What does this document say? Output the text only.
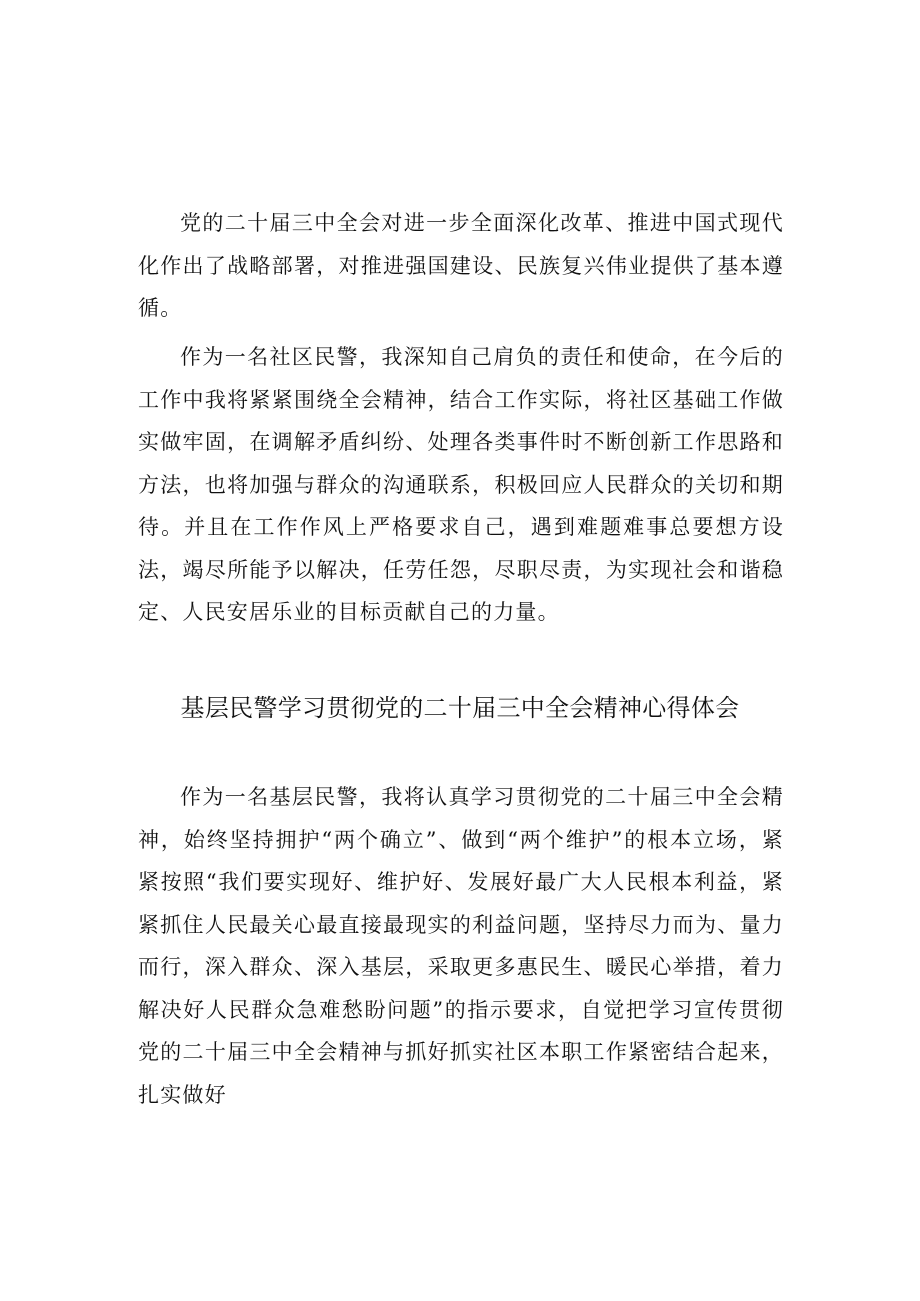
党的二十届三中全会对进一步全面深化改革、推进中国式现代化作出了战略部署，对推进强国建设、民族复兴伟业提供了基本遵循。

作为一名社区民警，我深知自己肩负的责任和使命，在今后的工作中我将紧紧围绕全会精神，结合工作实际，将社区基础工作做实做牢固，在调解矛盾纠纷、处理各类事件时不断创新工作思路和方法，也将加强与群众的沟通联系，积极回应人民群众的关切和期待。并且在工作作风上严格要求自己，遇到难题难事总要想方设法，竭尽所能予以解决，任劳任怨，尽职尽责，为实现社会和谐稳定、人民安居乐业的目标贡献自己的力量。

基层民警学习贯彻党的二十届三中全会精神心得体会

作为一名基层民警，我将认真学习贯彻党的二十届三中全会精神，始终坚持拥护“两个确立”、做到“两个维护”的根本立场，紧紧按照“我们要实现好、维护好、发展好最广大人民根本利益，紧紧抓住人民最关心最直接最现实的利益问题，坚持尽力而为、量力而行，深入群众、深入基层，采取更多惠民生、暖民心举措，着力解决好人民群众急难愁盼问题”的指示要求，自觉把学习宣传贯彻党的二十届三中全会精神与抓好抓实社区本职工作紧密结合起来，扎实做好
